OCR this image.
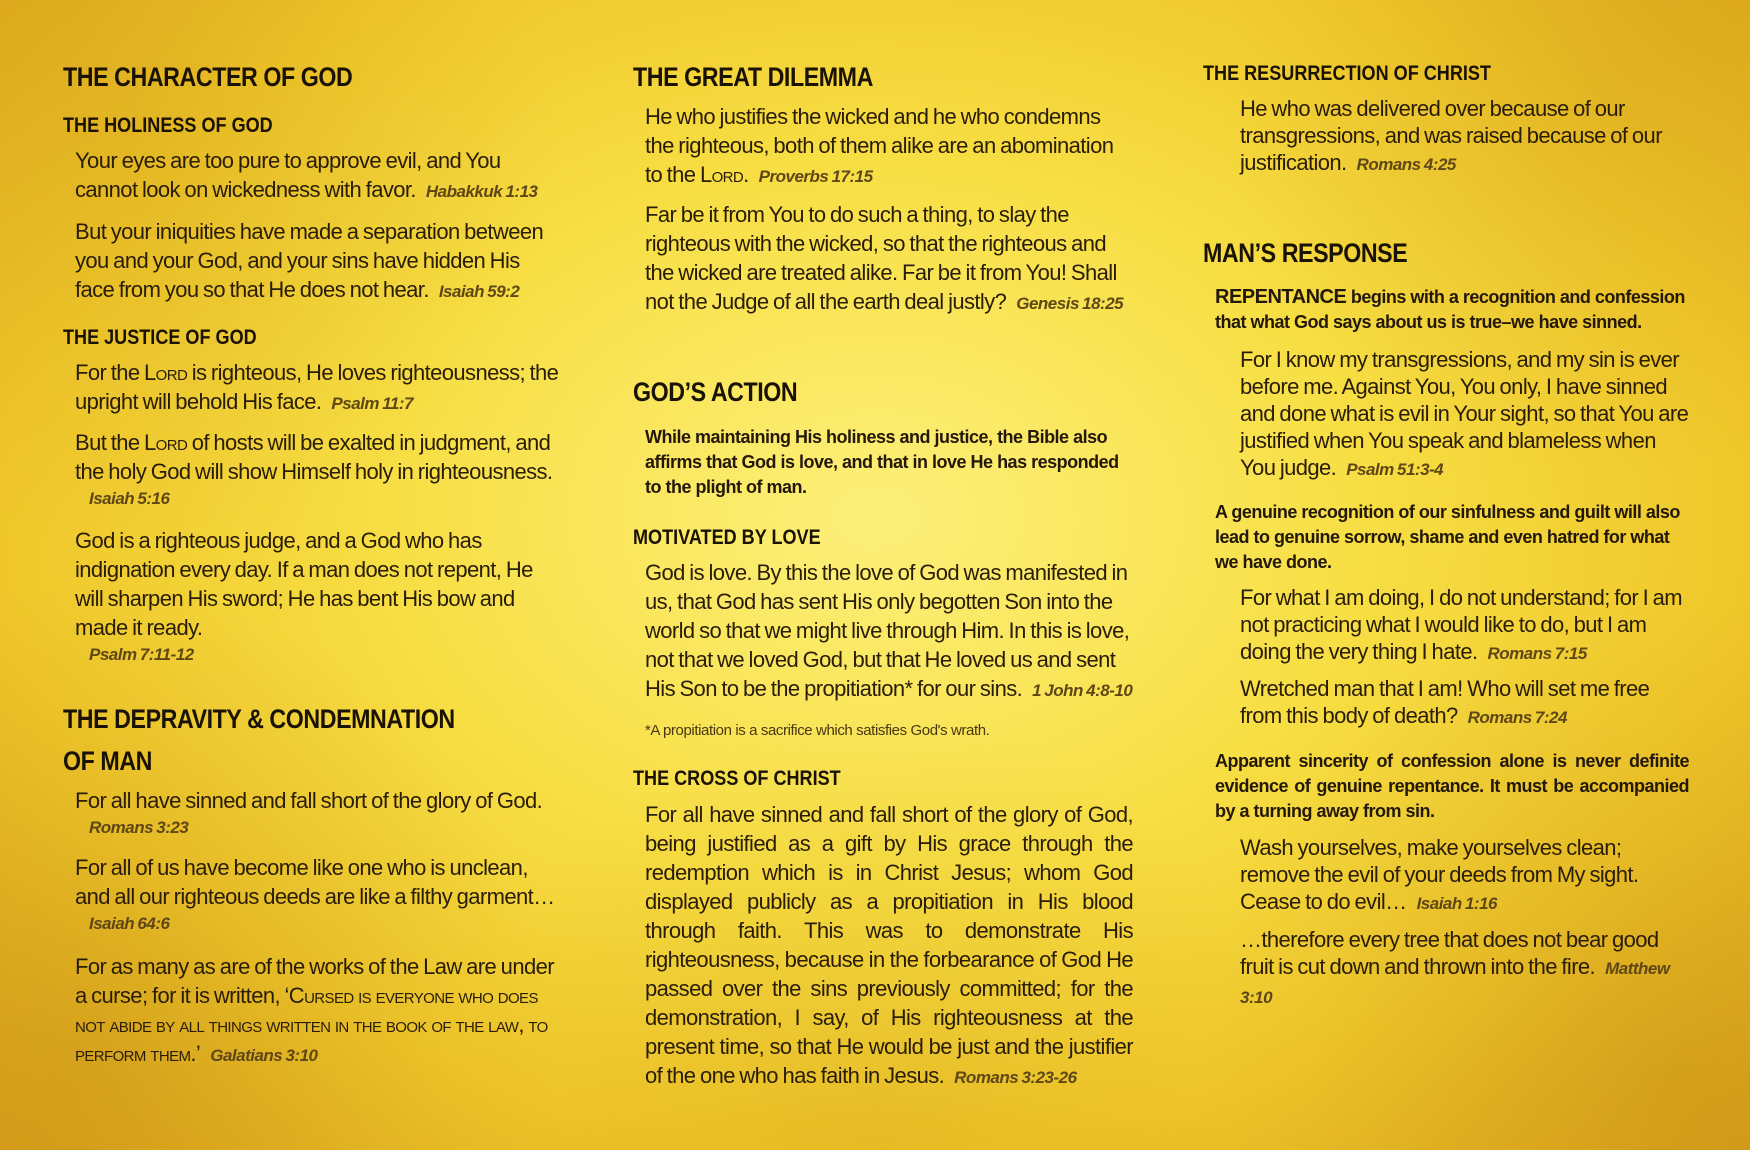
THE CHARACTER OF GOD
THE HOLINESS OF GOD

Your eyes are too pure to approve evil, and You cannot look on wickedness with favor. Habakkuk 1:13

But your iniquities have made a separation between you and your God, and your sins have hidden His face from you so that He does not hear. Isaiah 59:2

THE JUSTICE OF GOD

For the Lord is righteous, He loves righteousness; the upright will behold His face. Psalm 11:7

But the Lord of hosts will be exalted in judgment, and the holy God will show Himself holy in righteousness.
Isaiah 5:16

God is a righteous judge, and a God who has indignation every day. If a man does not repent, He will sharpen His sword; He has bent His bow and made it ready.
Psalm 7:11-12

THE DEPRAVITY & CONDEMNATION
OF MAN

For all have sinned and fall short of the glory of God.
Romans 3:23

For all of us have become like one who is unclean, and all our righteous deeds are like a filthy garment…
Isaiah 64:6

For as many as are of the works of the Law are under a curse; for it is written, ‘Cursed is everyone who does not abide by all things written in the book of the law, to perform them.’ Galatians 3:10

THE GREAT DILEMMA

He who justifies the wicked and he who condemns the righteous, both of them alike are an abomination to the Lord. Proverbs 17:15

Far be it from You to do such a thing, to slay the righteous with the wicked, so that the righteous and the wicked are treated alike. Far be it from You! Shall not the Judge of all the earth deal justly? Genesis 18:25

GOD’S ACTION

While maintaining His holiness and justice, the Bible also affirms that God is love, and that in love He has responded to the plight of man.

MOTIVATED BY LOVE

God is love. By this the love of God was manifested in us, that God has sent His only begotten Son into the world so that we might live through Him. In this is love, not that we loved God, but that He loved us and sent His Son to be the propitiation* for our sins. 1 John 4:8-10

*A propitiation is a sacrifice which satisfies God's wrath.

THE CROSS OF CHRIST

For all have sinned and fall short of the glory of God, being justified as a gift by His grace through the redemption which is in Christ Jesus; whom God displayed publicly as a propitiation in His blood through faith. This was to demonstrate His righteousness, because in the forbearance of God He passed over the sins previously committed; for the demonstration, I say, of His righteousness at the present time, so that He would be just and the justifier of the one who has faith in Jesus. Romans 3:23-26

THE RESURRECTION OF CHRIST

He who was delivered over because of our transgressions, and was raised because of our justification. Romans 4:25

MAN’S RESPONSE

REPENTANCE begins with a recognition and confession that what God says about us is true–we have sinned.

For I know my transgressions, and my sin is ever before me. Against You, You only, I have sinned and done what is evil in Your sight, so that You are justified when You speak and blameless when You judge. Psalm 51:3-4

A genuine recognition of our sinfulness and guilt will also lead to genuine sorrow, shame and even hatred for what we have done.

For what I am doing, I do not understand; for I am not practicing what I would like to do, but I am doing the very thing I hate. Romans 7:15

Wretched man that I am! Who will set me free from this body of death? Romans 7:24

Apparent sincerity of confession alone is never definite evidence of genuine repentance. It must be accompanied by a turning away from sin.

Wash yourselves, make yourselves clean; remove the evil of your deeds from My sight. Cease to do evil… Isaiah 1:16

…therefore every tree that does not bear good fruit is cut down and thrown into the fire. Matthew 3:10
